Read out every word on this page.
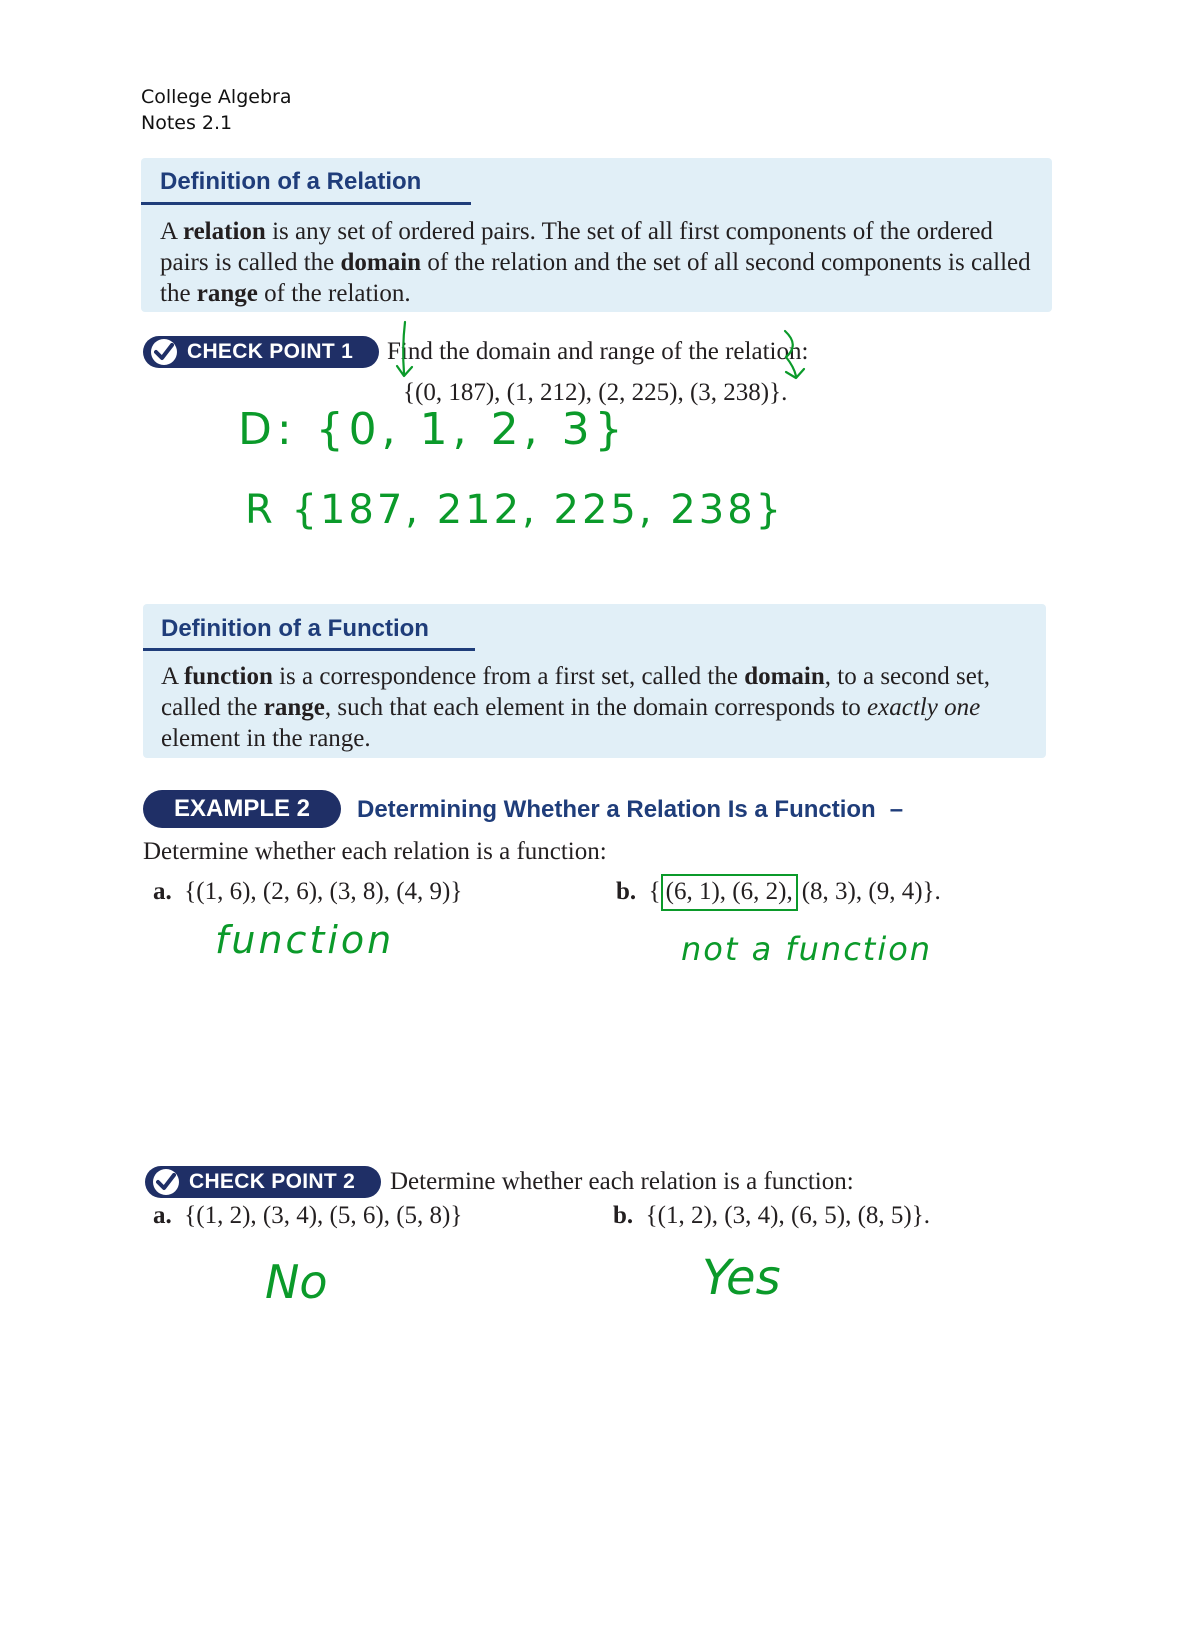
College Algebra
Notes 2.1
Definition of a Relation
A relation is any set of ordered pairs. The set of all first components of the ordered pairs is called the domain of the relation and the set of all second components is called the range of the relation.
CHECK POINT 1 Find the domain and range of the relation:
{(0, 187), (1, 212), (2, 225), (3, 238)}.
D: {0, 1, 2, 3}
R {187, 212, 225, 238}
Definition of a Function
A function is a correspondence from a first set, called the domain, to a second set, called the range, such that each element in the domain corresponds to exactly one element in the range.
EXAMPLE 2	Determining Whether a Relation Is a Function –
Determine whether each relation is a function:
a. {(1, 6), (2, 6), (3, 8), (4, 9)}	b. { (6, 1), (6, 2), (8, 3), (9, 4)}.
function	not a function
CHECK POINT 2 Determine whether each relation is a function:
a. {(1, 2), (3, 4), (5, 6), (5, 8)}	b. {(1, 2), (3, 4), (6, 5), (8, 5)}.
No	Yes
